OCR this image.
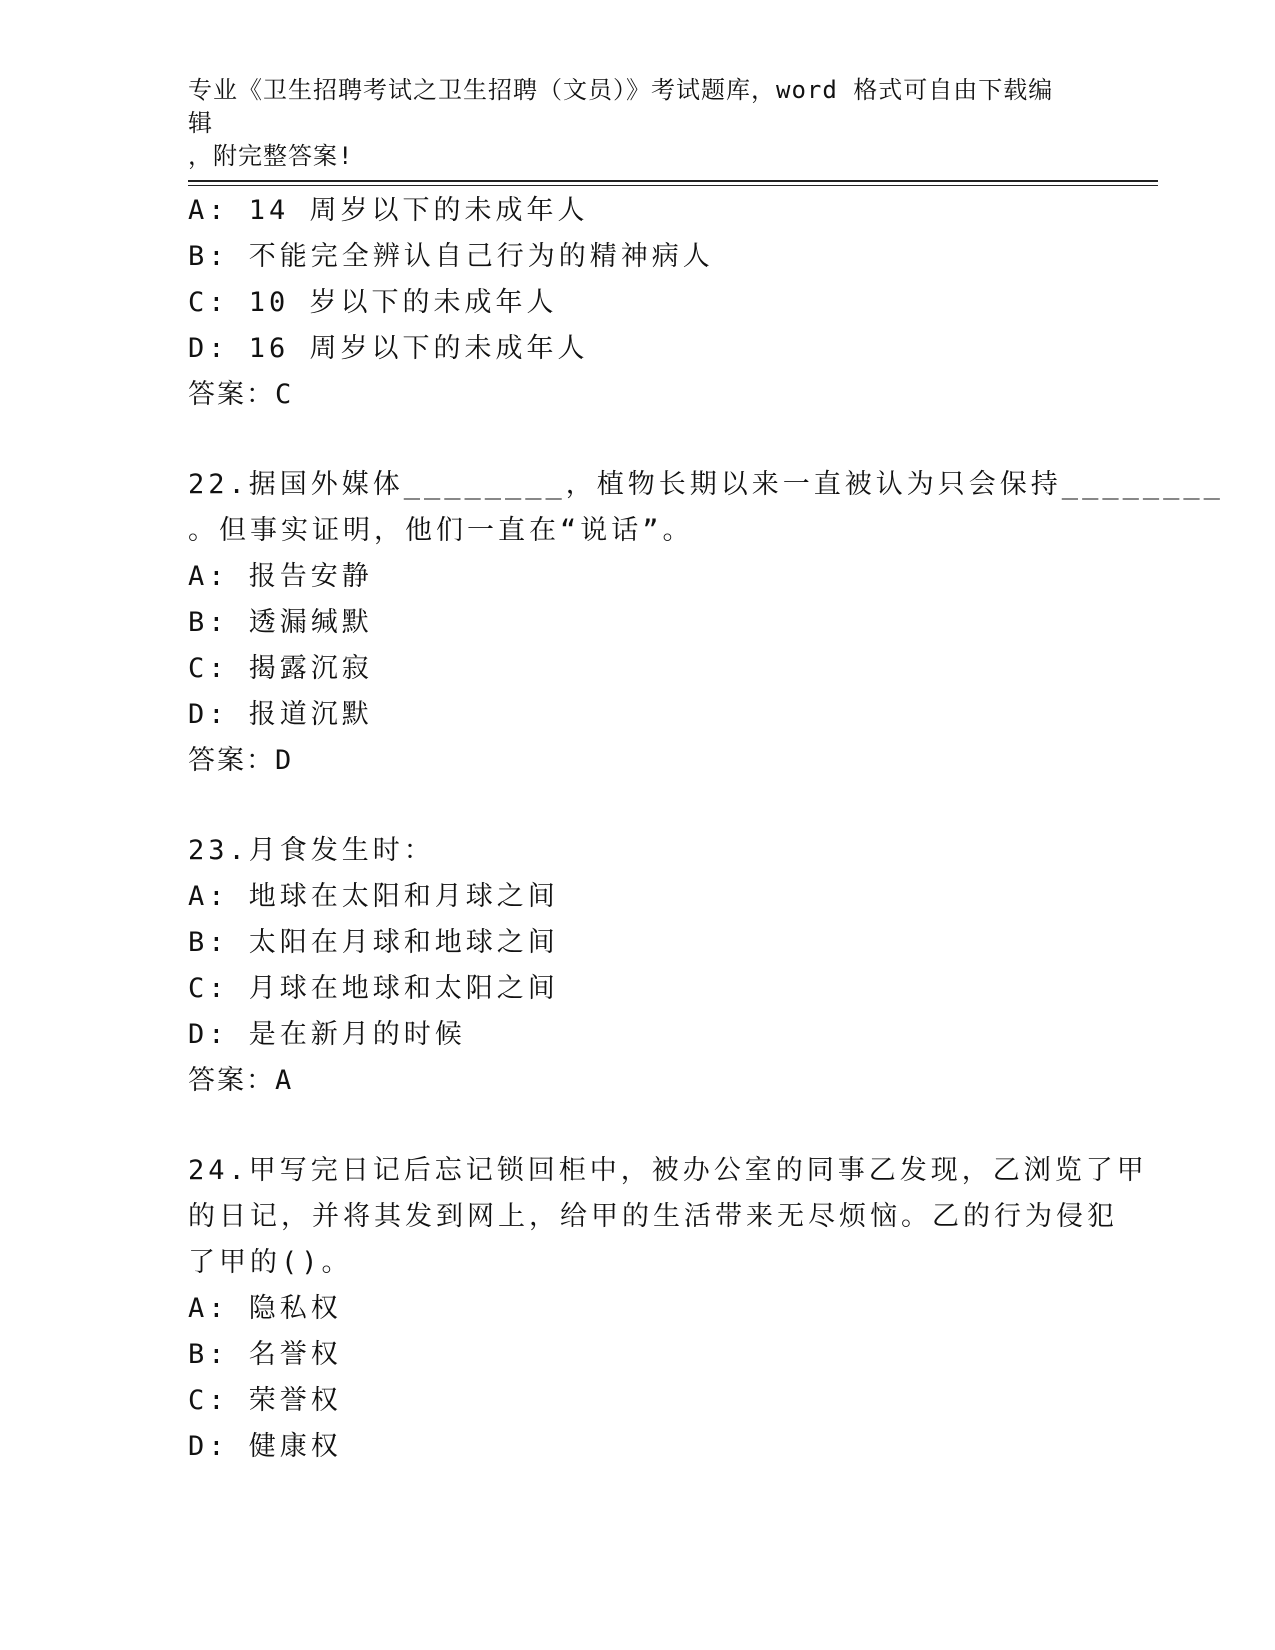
专业《卫生招聘考试之卫生招聘（文员）》考试题库，word 格式可自由下载编辑
，附完整答案!
A: 14 周岁以下的未成年人
B: 不能完全辨认自己行为的精神病人
C: 10 岁以下的未成年人
D: 16 周岁以下的未成年人
答案：C
22.据国外媒体________，植物长期以来一直被认为只会保持________
。但事实证明，他们一直在“说话”。
A: 报告安静
B: 透漏缄默
C: 揭露沉寂
D: 报道沉默
答案：D
23.月食发生时：
A: 地球在太阳和月球之间
B: 太阳在月球和地球之间
C: 月球在地球和太阳之间
D: 是在新月的时候
答案：A
24.甲写完日记后忘记锁回柜中，被办公室的同事乙发现，乙浏览了甲
的日记，并将其发到网上，给甲的生活带来无尽烦恼。乙的行为侵犯
了甲的()。
A: 隐私权
B: 名誉权
C: 荣誉权
D: 健康权
